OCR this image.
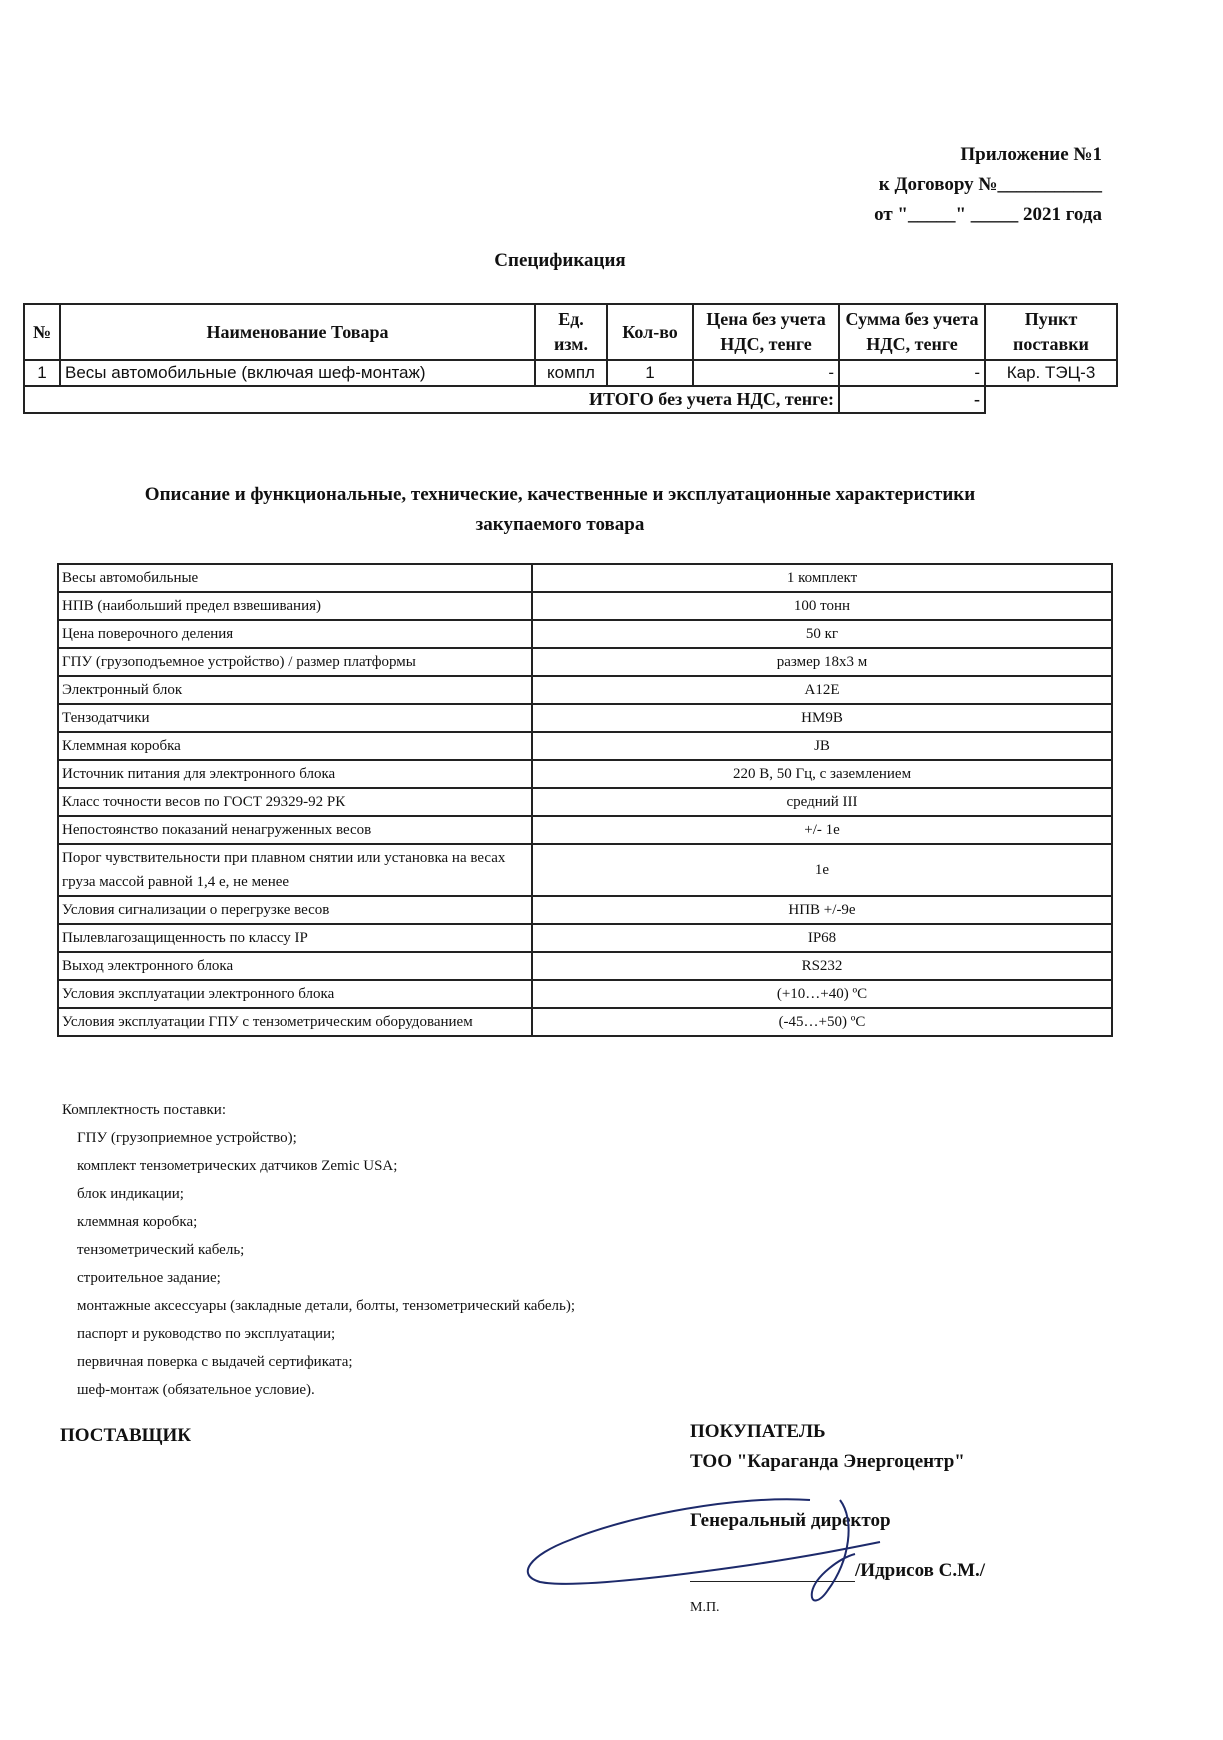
Приложение №1
к Договору №___________
от "_____" _____ 2021 года
Спецификация
№	Наименование Товара	Ед. изм.	Кол-во	Цена без учета НДС, тенге	Сумма без учета НДС, тенге	Пункт поставки
1	Весы автомобильные (включая шеф-монтаж)	компл	1	-	-	Кар. ТЭЦ-3
ИТОГО без учета НДС, тенге:					-	
Описание и функциональные, технические, качественные и эксплуатационные характеристики
закупаемого товара
Весы автомобильные	1 комплект
НПВ (наибольший предел взвешивания)	100 тонн
Цена поверочного деления	50 кг
ГПУ (грузоподъемное устройство) / размер платформы	размер 18х3 м
Электронный блок	A12E
Тензодатчики	HM9B
Клеммная коробка	JB
Источник питания для электронного блока	220 В, 50 Гц, с заземлением
Класс точности весов по ГОСТ 29329-92 РК	средний III
Непостоянство показаний ненагруженных весов	+/- 1е
Порог чувствительности при плавном снятии или установка на весах груза массой равной 1,4 е, не менее	1е
Условия сигнализации о перегрузке весов	НПВ +/-9е
Пылевлагозащищенность по классу IP	IP68
Выход электронного блока	RS232
Условия эксплуатации электронного блока	(+10…+40) ºС
Условия эксплуатации ГПУ с тензометрическим оборудованием	(-45…+50) ºС
Комплектность поставки:
ГПУ (грузоприемное устройство);
комплект тензометрических датчиков Zemic USA;
блок индикации;
клеммная коробка;
тензометрический кабель;
строительное задание;
монтажные аксессуары (закладные детали, болты, тензометрический кабель);
паспорт и руководство по эксплуатации;
первичная поверка с выдачей сертификата;
шеф-монтаж (обязательное условие).
ПОСТАВЩИК	ПОКУПАТЕЛЬ
ТОО "Караганда Энергоцентр"
Генеральный директор
/Идрисов С.М./
М.П.
